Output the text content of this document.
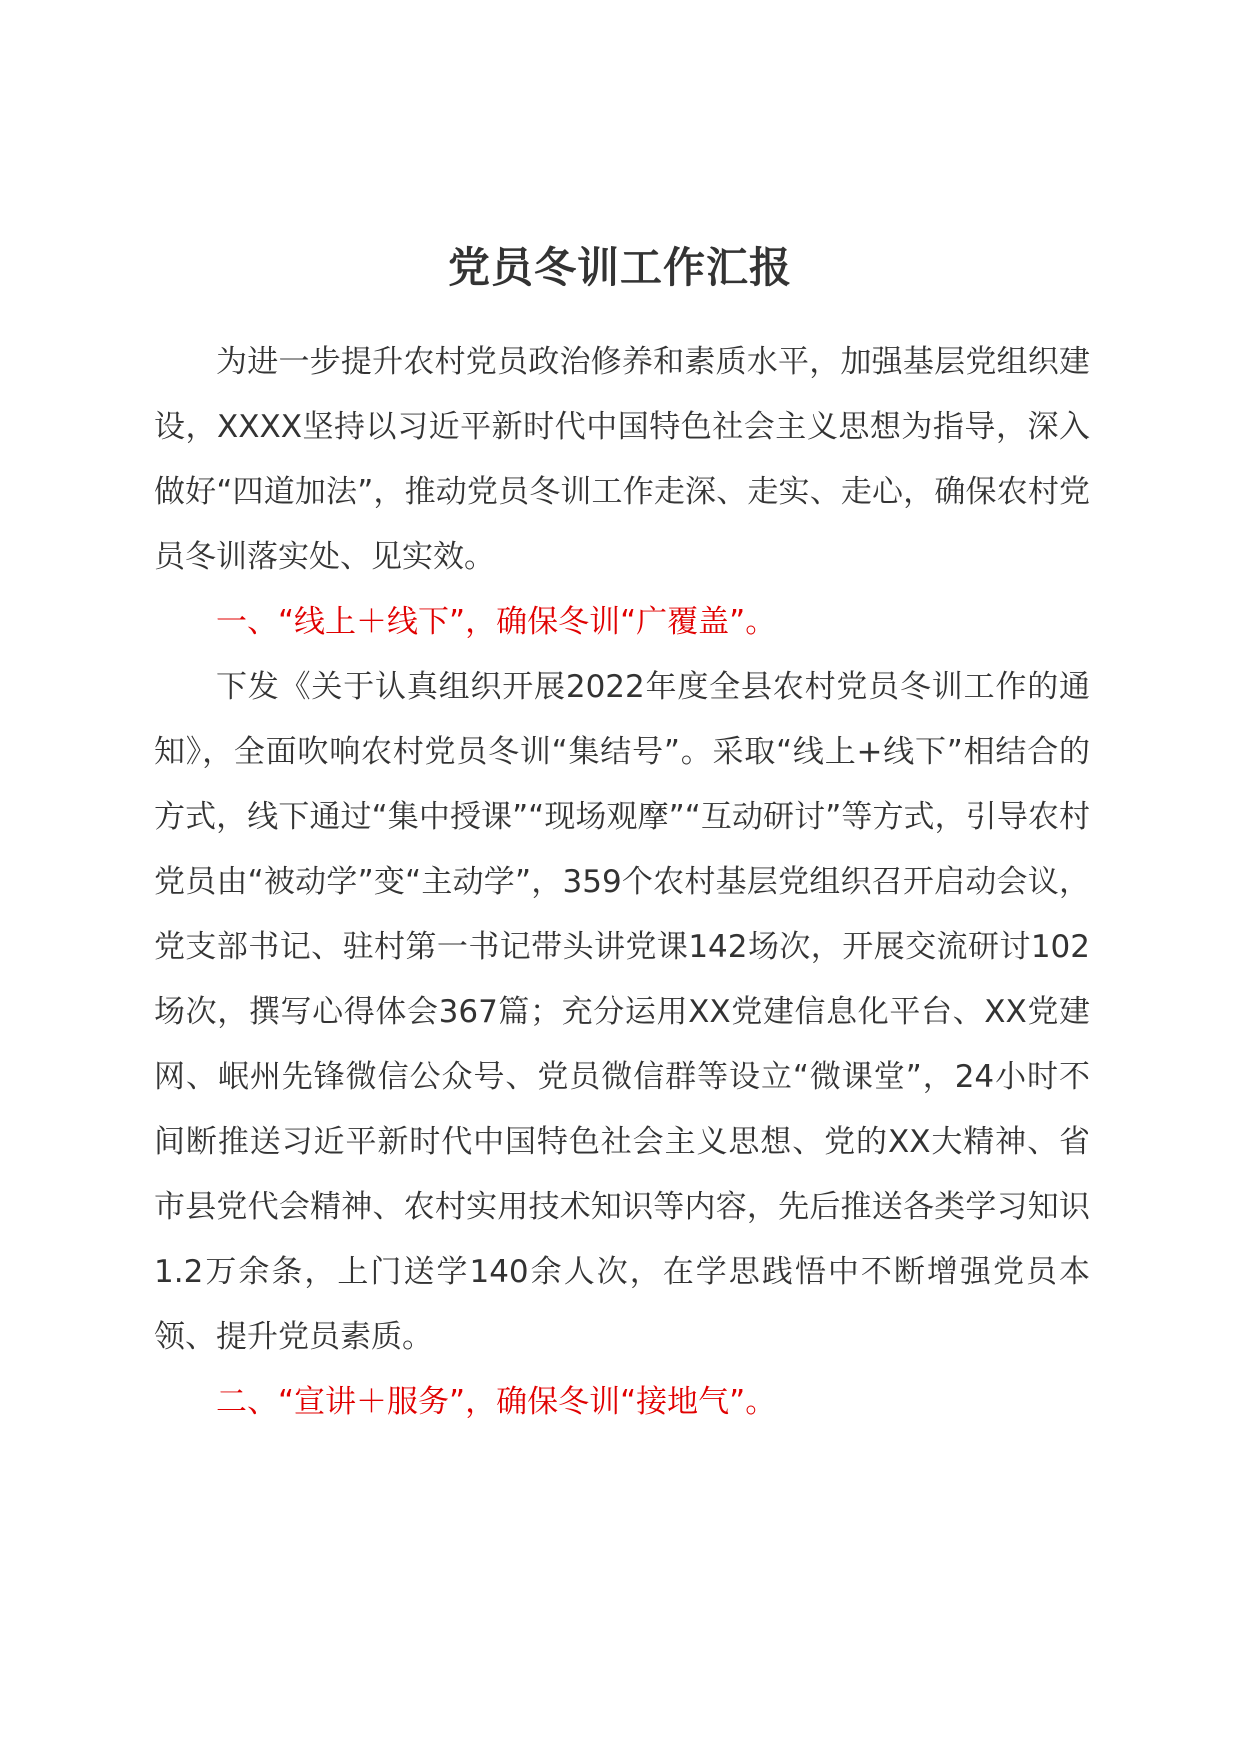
党员冬训工作汇报

为进一步提升农村党员政治修养和素质水平，加强基层党组织建设，XXXX坚持以习近平新时代中国特色社会主义思想为指导，深入做好“四道加法”，推动党员冬训工作走深、走实、走心，确保农村党员冬训落实处、见实效。

一、“线上＋线下”，确保冬训“广覆盖”。

下发《关于认真组织开展2022年度全县农村党员冬训工作的通知》，全面吹响农村党员冬训“集结号”。采取“线上+线下”相结合的方式，线下通过“集中授课”“现场观摩”“互动研讨”等方式，引导农村党员由“被动学”变“主动学”，359个农村基层党组织召开启动会议，党支部书记、驻村第一书记带头讲党课142场次，开展交流研讨102场次，撰写心得体会367篇；充分运用XX党建信息化平台、XX党建网、岷州先锋微信公众号、党员微信群等设立“微课堂”，24小时不间断推送习近平新时代中国特色社会主义思想、党的XX大精神、省市县党代会精神、农村实用技术知识等内容，先后推送各类学习知识1.2万余条，上门送学140余人次，在学思践悟中不断增强党员本领、提升党员素质。

二、“宣讲＋服务”，确保冬训“接地气”。
